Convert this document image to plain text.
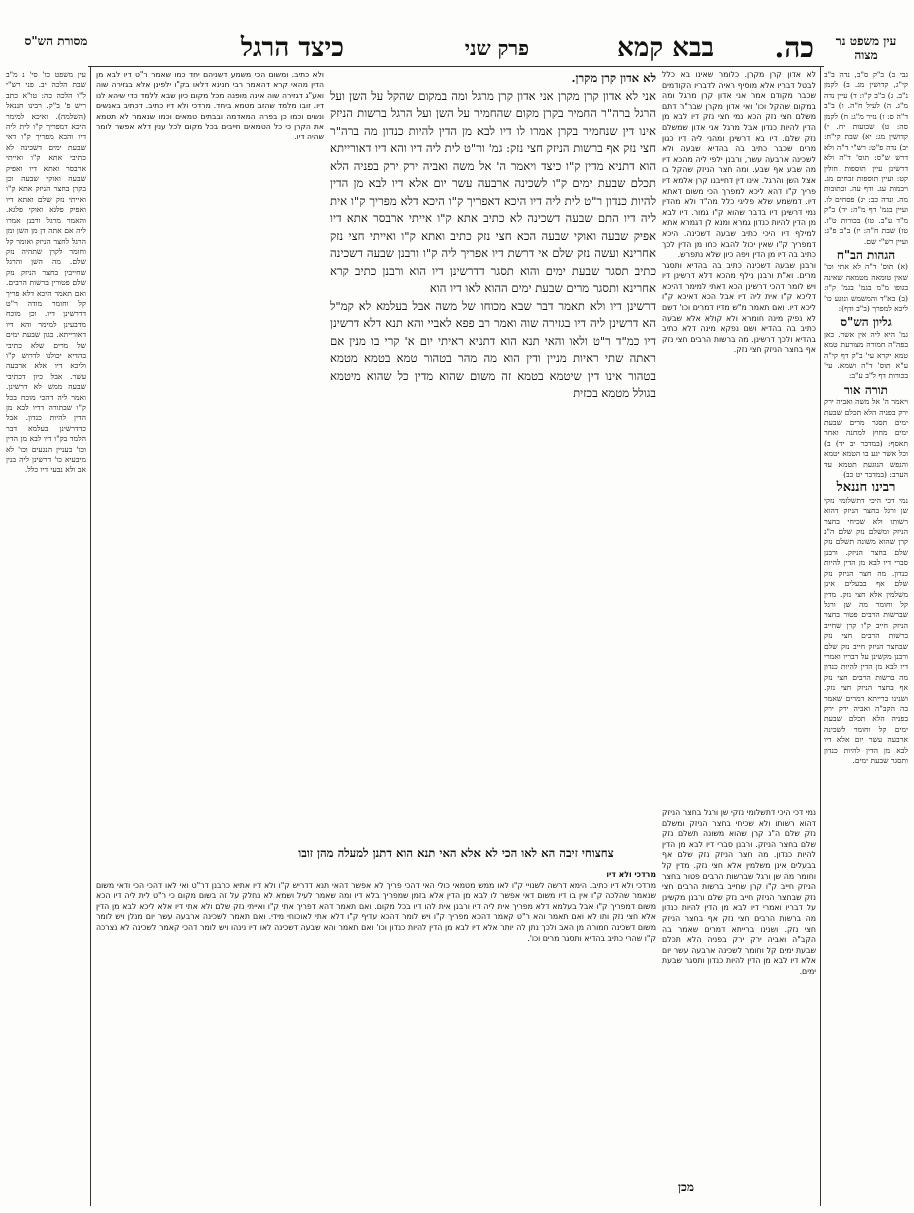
מסורת הש"ס	כיצד הרגל	פרק שני	בבא קמא כה.	עין משפט נר מצוה
גבי ב) ב"ק ס"ב, נדה ב"ב קי"ג, קדושין מג. ב) לקמן נ"ב. ג) ב"ב ק"ו: ד) עיין נדה מ"ג. ה) לעיל ח"ה. ו) ב"ב ד"ה ס: ז) נזיר מ"ג: ח) לקמן סה: ט) שבועות יח. י) קדושין מג: יא) שבת קי"ח: יב) נדה פ"ט: רש"י ד"ה ולא דרש ש"ס: תוס' ד"ה ולא דרשינן עיין תוספות חולין קט: ועיין תוספות זבחים מג. ויבמות עג. ודף עה. וכתובות מה. ונדה כב: יג) פסחים לו. ועיין בגמ' דף מ"ה: יד) ב"ק מ"ד ע"ב. טו) בכורות ט"ז. טז) שבת ח"ה: יז) ב"ב פ"ג: ועיין רש"י שם.
הגהות הב"ח
(א) תוס' ד"ה לא אתי וכו' שאין טומאה מטמאה שאינה בגופו מ"מ בגמ' בגמ' ק"ו: (ב) בא"ד והמשמש ונוגע כו' ליכא למפרך (ב"ב ודף):
גליון הש"ס
גמ' היא ליה אין אשר. כאן בפה"ה חמורה מצורעת טמא טמא יקרא עי' ב"ק דף קי"ה ע"א תוס' ד"ה ושמא. עי' בכורות דף ל"ב ע"ב:
תורה אור
ויאמר ה' אל משה ואביה ירק ירק בפניה הלא תכלם שבעת ימים תסגר מרים שבעת ימים מחוץ למחנה ואחר תאסף: (במדבר יב יד) ב) וכל אשר יגע בו הטמא יטמא והנפש הנוגעת תטמא עד הערב: (במדבר יט כב)
רבינו חננאל
נמי דכי היכי דתשלומי נזקי שן ורגל בחצר הניזק דהוא רשותו ולא שכיחי בחצר הניזק ומשלם נזק שלם ה"נ קרן שהוא משונה תשלם נזק שלם בחצר הניזק. ורבנן סברי דיו לבא מן הדין להיות כנדון. מה חצר הניזק נזק שלם אף בבעלים אינן משלמין אלא חצי נזק. מדין קל וחומר מה שן ורגל שברשות הרבים פטור בחצר הניזק חייב ק"ו קרן שחייב ברשות הרבים חצי נזק שבחצר הניזק חייב נזק שלם ורבנן מקשינן על דבריו ואמרי דיו לבא מן הדין להיות כנדון מה ברשות הרבים חצי נזק אף בחצר הניזק חצי נזק. ושנינו ברייתא דמרים שאמר בה הקב"ה ואביה ירק ירק בפניה הלא תכלם שבעת ימים קל וחומר לשכינה ארבעה עשר יום אלא דיו לבא מן הדין להיות כנדון ותסגר שבעת ימים.
לא אדון קרן מקרן. כלומר שאינו בא כלל לבטל דבריו אלא מוסיף ראיה לדבריו הקודמים שכבר מקודם אמר אני אדון קרן מרגל ומה במקום שהקל וכו' ואי אדון מקרן שבר"ר דתם משלם חצי נזק הכא נמי חצי נזק דיו לבא מן הדין להיות כנדון אבל מרגל אני אדון שמשלם נזק שלם. דיו בא דרשינן ומהני ליה דיו כגון מרים שכבר כתיב בה בהדיא שבעה ולא לשכינה ארבעה עשר, ורבנן ילפי ליה מהכא דיו מה שבע אף שבע. ומה חצר הניזק שהקל בו אצל השן והרגל. אינו דין דחייבנו קרן אלמא דיו פריך ק"ו דהא ליכא למפרך הכי משום דאתא דיו. דמשמע שלא פליגי כלל מה"ד ולא מהדין נמי דרשינן דיו בדבר שהוא ק"ו גמור. דיו לבא מן הדין להיות כנדון גמרא ומנא לן דגמרא אתא למילף דיו היכי כתיב שבעה דשכינה. היכא דמפריך ק"ו שאין יכול להבא כחו מן הדין לכך כתיב בה דיו מן הדין ויפה כיון שלא נתפרש.
ורבנן שבעה דשכינה כתיב בה בהדיא ותסגר מרים. וא"ת ורבנן נילף מהכא דלא דרשינן דיו ויש לומר דהכי דרשינן הכא דאתי למימר דהיכא דליכא ק"ו אית ליה דיו אבל הכא דאיכא ק"ו ליכא דיו. ואם תאמר מ"ש מדיו דמרים וכו' דשם לא נפיק מינה חומרא ולא קולא אלא שבעה כתיב בה בהדיא ושם נפקא מינה דלא כתיב בהדיא ולכך דרשינן. מה ברשות הרבים חצי נזק אף בחצר הניזק חצי נזק.
לא אדון קרן מקרן.
אני לא אדון קרן מקרן אני אדון קרן מרגל ומה במקום שהקל על השן ועל הרגל ברה"ר החמיר בקרן מקום שהחמיר על השן ועל הרגל ברשות הניזק אינו דין שנחמיר בקרן אמרו לו דיו לבא מן הדין להיות כנדון מה ברה"ר חצי נזק אף ברשות הניזק חצי נזק: גמ' ור"ט לית ליה דיו והא דיו דאורייתא הוא דתניא מדין ק"ו כיצד ויאמר ה' אל משה ואביה ירק ירק בפניה הלא תכלם שבעת ימים ק"ו לשכינה ארבעה עשר יום אלא דיו לבא מן הדין להיות כנדון ר"ט לית ליה דיו היכא דאפריך ק"ו היכא דלא מפריך ק"ו אית ליה דיו התם שבעה דשכינה לא כתיב אתא ק"ו אייתי ארבסר אתא דיו אפיק שבעה ואוקי שבעה הכא חצי נזק כתיב ואתא ק"ו ואייתי חצי נזק אחרינא ועשה נזק שלם אי דרשת דיו אפריך ליה ק"ו ורבנן שבעה דשכינה כתיב תסגר שבעת ימים והוא תסגר דדרשינן דיו הוא ורבנן כתיב קרא אחרינא ותסגר מרים שבעת ימים ההוא לאו דיו הוא
דרשינן דיו ולא תאמר דבר שבא מכוחו של משה אבל בעלמא לא קמ"ל הא דרשינן ליה דיו בגזירה שוה ואמר רב פפא לאביי והא תנא דלא דרשינן דיו כמ"ד ר"ט ולאו והאי תנא הוא דתניא ראיתי יום א' קרי בו מנין אם ראתה שתי ראיות מניין ודין הוא מה מהר בטהור טמא בטמא מטמא בטהור אינו דין שיטמא בטמא זה משום שהוא מדין כל שהוא מיטמא בגולל מטמא בכזית
ולא כתיב. ומשום הכי משמע דשניהם יחד כמו שאמר ר"ט דיו לבא מן הדין מהאי קרא דהאמר רבי חנינא דלאו בק"ו ילפינן אלא בגזירה שוה ואע"ג דגזירה שוה אינה מופנה מכל מקום כיון שבא ללמד כדי שיהא לנו דיו. זובו מלמד שהזב מטמא ביחד. מרדכי ולא דיו כתיב. דכתיב באנשים ונשים וכמו כן בפרה המאדמה ובבתים טמאים וכמו שנאמר לא תטמא את הקרן כי כל הטמאים חייבים בכל מקום לכל ענין דלא אפשר לומר שהיה דיו.
צחצוחי זיבה הא לאו הכי לא אלא האי תנא הוא דתנן למעלה מהן זובו
מרדכי ולא דיו
מרדכי ולא דיו כתיב. הימא דרשה לשנויי ק"ו לאו ממש מטמאי כולי האי דהכי פריך לא אפשר דהאי תנא דדריש ק"ו ולא דיו אתיא כרבנן דר"ט ואי לאו דהכי הכי ודאי משום שנאמר שהלכה ק"ו אין בו דיו משום דאי אפשר לו לבא מן הדין אלא בזמן שמפריך בלא דיו ומה שאמר לעיל ושמא לא נחלק על זה בשום מקום כי ר"ט לית ליה דיו הכא משום דמפריך ק"ו אבל בעלמא דלא מפריך אית ליה דיו ורבנן אית להו דיו בכל מקום. ואם תאמר דהא דפריך אתי ק"ו ואייתי נזק שלם ולא אתי דיו אלא ליכא לבא מן הדין אלא חצי נזק ותו לא ואם תאמר והא ר"ט קאמר דהכא מפריך ק"ו ויש לומר דהכא עדיף ק"ו דלא אתי לאוכוחי מידי. ואם תאמר לשכינה ארבעה עשר יום מנלן ויש לומר משום דשכינה חמורה מן האב ולכך נתן לה יותר אלא דיו לבא מן הדין להיות כנדון וכו' ואם תאמר והא שבעה דשכינה לאו דיו נינהו ויש לומר דהכי קאמר לשכינה לא נצרכה ק"ו שהרי כתיב בהדיא ותסגר מרים וכו'.
נמי דכי היכי דתשלומי נזקי שן ורגל בחצר הניזק דהוא רשותו ולא שכיחי בחצר הניזק ומשלם נזק שלם ה"נ קרן שהוא משונה תשלם נזק שלם בחצר הניזק. ורבנן סברי דיו לבא מן הדין להיות כנדון. מה חצר הניזק נזק שלם אף בבעלים אינן משלמין אלא חצי נזק. מדין קל וחומר מה שן ורגל שברשות הרבים פטור בחצר הניזק חייב ק"ו קרן שחייב ברשות הרבים חצי נזק שבחצר הניזק חייב נזק שלם ורבנן מקשינן על דבריו ואמרי דיו לבא מן הדין להיות כנדון מה ברשות הרבים חצי נזק אף בחצר הניזק חצי נזק. ושנינו ברייתא דמרים שאמר בה הקב"ה ואביה ירק ירק בפניה הלא תכלם שבעת ימים קל וחומר לשכינה ארבעה עשר יום אלא דיו לבא מן הדין להיות כנדון ותסגר שבעת ימים.
עין משפט כו' סי' נ מ"ב שבת הלכה יב. פני רש"י ל"ו הלכה כה: טו"א כתב ריש פ' ב"ק. רבינו חננאל (השלמה). ואיכא למימר היכא דמפריך ק"ו לית ליה דיו והכא מפריך ק"ו דאי שבעת ימים דשכינה לא כתיבי אתא ק"ו ואייתי ארבסר ואתא דיו ואפיק שבעה ואוקי שבעה וכן בקרן בחצר הניזק אתא ק"ו ואייתי נזק שלם ואתא דיו ואפיק פלגא ואוקי פלגא. והאמר מרגל ורבנן אמרו ליה אם אתה דן מן השן ומן הרגל לחצר הניזק ואומר קל וחומר לקרן שתהיה נזק שלם. מה השן והרגל שחייבין בחצר הניזק נזק שלם פטורין ברשות הרבים. ואם תאמר היכא דלא פריך קל וחומר מודה ר"ט דדרשינן דיו. וכן מוכח מדבעינן למימר והא דיו דאורייתא. כגון שבעת ימים של מרים שלא כתיבי בהדיא יכולנו לדרוש ק"ו וליכא דיו אלא ארבעה עשר. אבל כיון דכתיבי שבעה ממש לא דרשינן. ואמר ליה דהכי מוכח בכל ק"ו שבתורה דדיו לבא מן הדין להיות כנדון. אבל כדדרשינן בעלמא דבר הלמד בק"ו דיו לבא מן הדין וכו' בעניין הנגעים וכו' לא מיבעיא כו' דרשינן ליה בנין אב ולא נבעי דיו כלל.
מכן
